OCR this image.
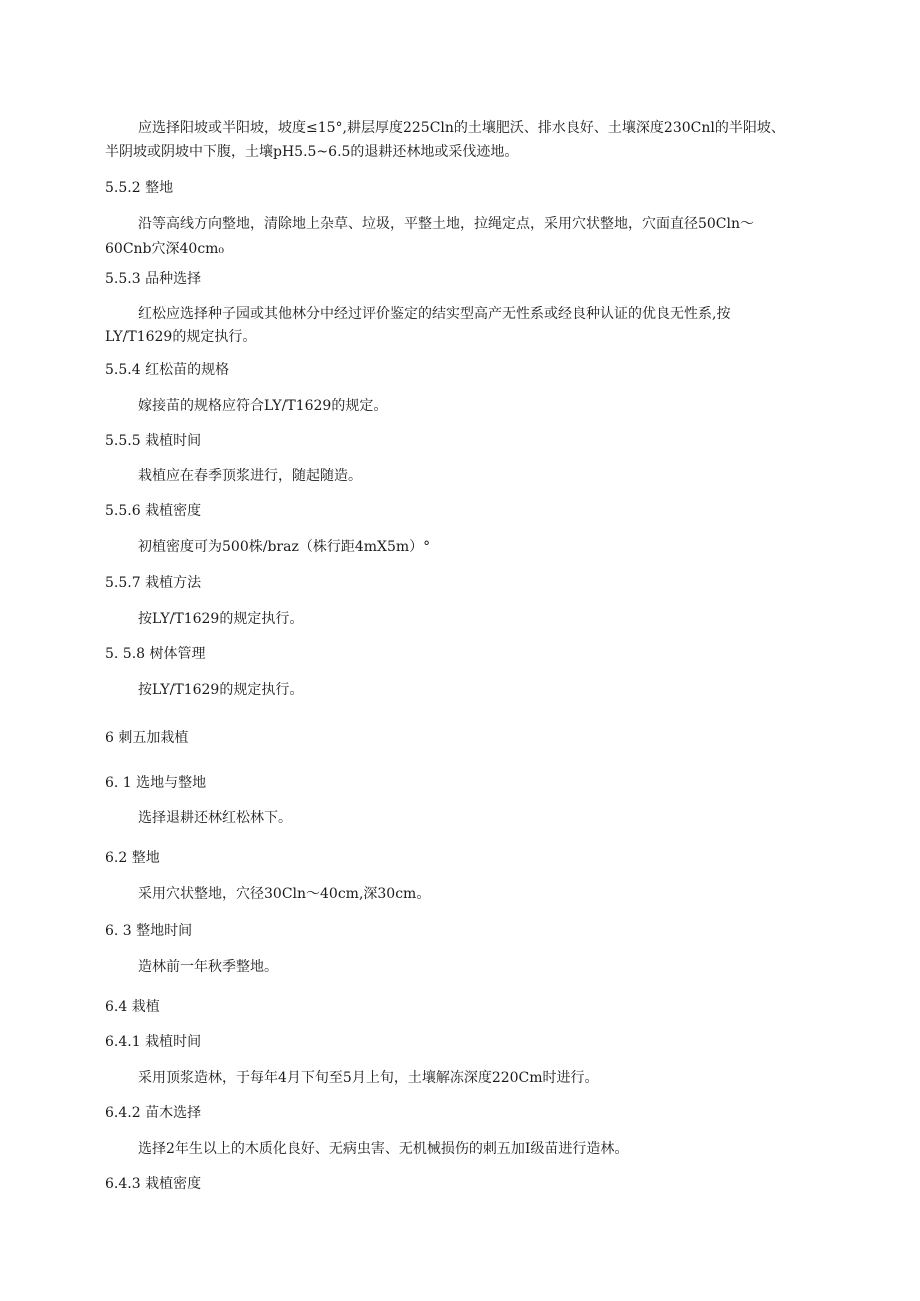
应选择阳坡或半阳坡，坡度≤15°,耕层厚度225Cln的土壤肥沃、排水良好、土壤深度230Cnl的半阳坡、
半阴坡或阴坡中下腹，土壤pH5.5~6.5的退耕还林地或采伐迹地。
5.5.2 整地
沿等高线方向整地，清除地上杂草、垃圾，平整土地，拉绳定点，采用穴状整地，穴面直径50Cln～
60Cnb穴深40cm₀
5.5.3 品种选择
红松应选择种子园或其他林分中经过评价鉴定的结实型高产无性系或经良种认证的优良无性系,按
LY/T1629的规定执行。
5.5.4 红松苗的规格
嫁接苗的规格应符合LY/T1629的规定。
5.5.5 栽植时间
栽植应在春季顶浆进行，随起随造。
5.5.6 栽植密度
初植密度可为500株/braz（株行距4mX5m）°
5.5.7 栽植方法
按LY/T1629的规定执行。
5. 5.8 树体管理
按LY/T1629的规定执行。
6 刺五加栽植
6. 1 选地与整地
选择退耕还林红松林下。
6.2 整地
采用穴状整地，穴径30Cln～40cm,深30cm。
6. 3 整地时间
造林前一年秋季整地。
6.4 栽植
6.4.1 栽植时间
采用顶浆造林，于每年4月下旬至5月上旬，土壤解冻深度220Cm时进行。
6.4.2 苗木选择
选择2年生以上的木质化良好、无病虫害、无机械损伤的刺五加I级苗进行造林。
6.4.3 栽植密度
